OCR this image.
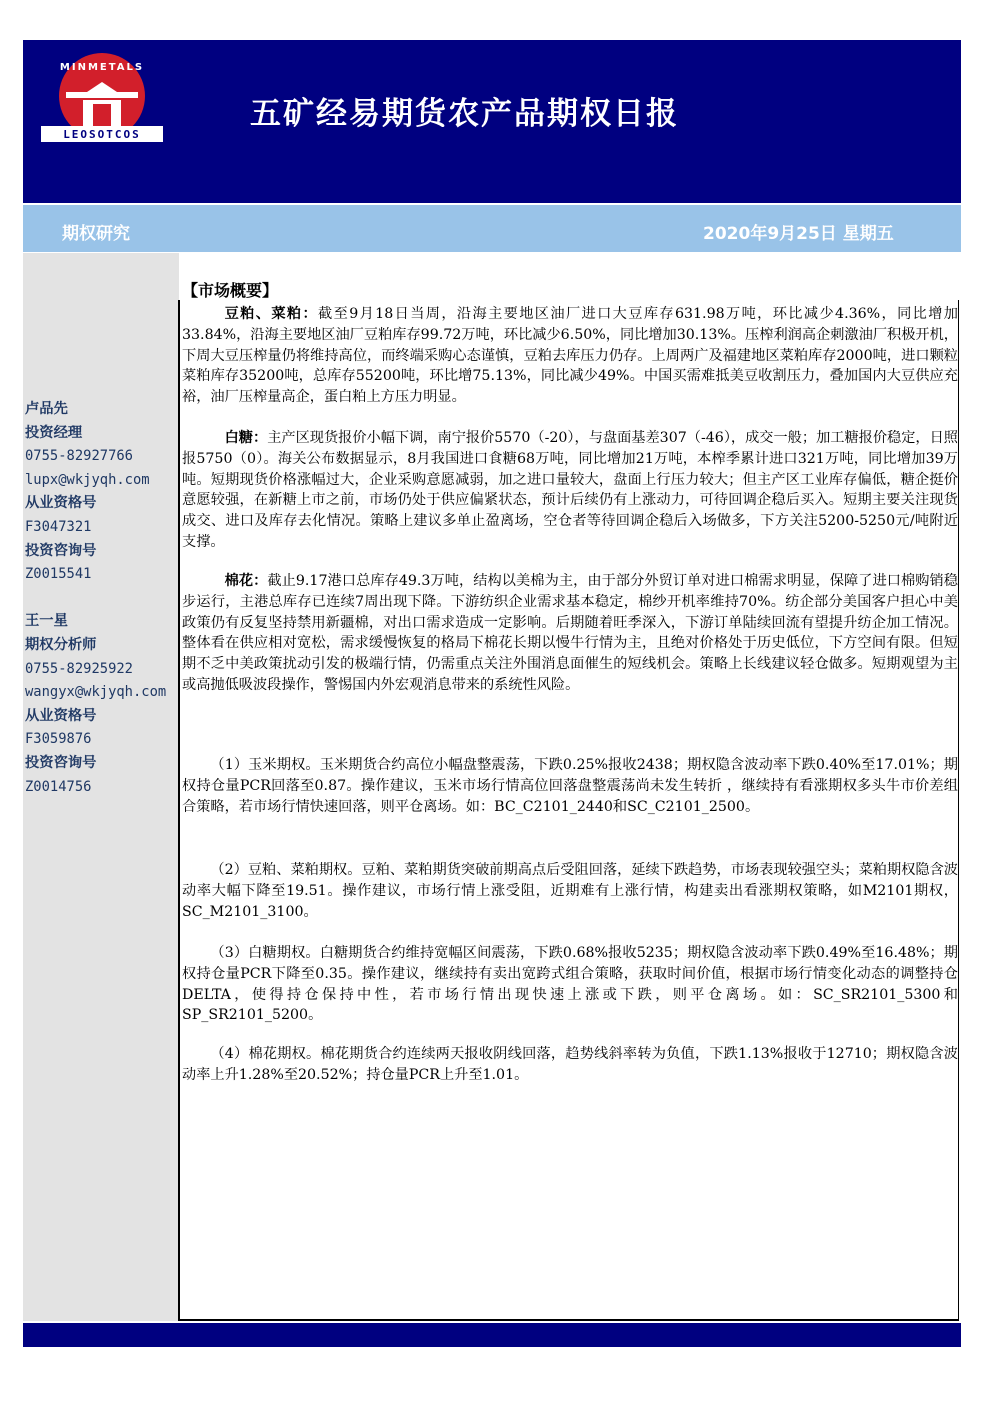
MINMETALS
LEOSOTCOS
五矿经易期货农产品期权日报
期权研究	2020年9月25日 星期五
卢品先
投资经理
0755-82927766
lupx@wkjyqh.com
从业资格号
F3047321
投资咨询号
Z0015541
王一星
期权分析师
0755-82925922
wangyx@wkjyqh.com
从业资格号
F3059876
投资咨询号
Z0014756
【市场概要】
豆粕、菜粕：截至9月18日当周，沿海主要地区油厂进口大豆库存631.98万吨，环比减少4.36%，同比增加33.84%，沿海主要地区油厂豆粕库存99.72万吨，环比减少6.50%，同比增加30.13%。压榨利润高企刺激油厂积极开机，下周大豆压榨量仍将维持高位，而终端采购心态谨慎，豆粕去库压力仍存。上周两广及福建地区菜粕库存2000吨，进口颗粒菜粕库存35200吨，总库存55200吨，环比增75.13%，同比减少49%。中国买需难抵美豆收割压力，叠加国内大豆供应充裕，油厂压榨量高企，蛋白粕上方压力明显。
白糖：主产区现货报价小幅下调，南宁报价5570（-20），与盘面基差307（-46），成交一般；加工糖报价稳定，日照报5750（0）。海关公布数据显示，8月我国进口食糖68万吨，同比增加21万吨，本榨季累计进口321万吨，同比增加39万吨。短期现货价格涨幅过大，企业采购意愿减弱，加之进口量较大，盘面上行压力较大；但主产区工业库存偏低，糖企挺价意愿较强，在新糖上市之前，市场仍处于供应偏紧状态，预计后续仍有上涨动力，可待回调企稳后买入。短期主要关注现货成交、进口及库存去化情况。策略上建议多单止盈离场，空仓者等待回调企稳后入场做多，下方关注5200-5250元/吨附近支撑。
棉花：截止9.17港口总库存49.3万吨，结构以美棉为主，由于部分外贸订单对进口棉需求明显，保障了进口棉购销稳步运行，主港总库存已连续7周出现下降。下游纺织企业需求基本稳定，棉纱开机率维持70%。纺企部分美国客户担心中美政策仍有反复坚持禁用新疆棉，对出口需求造成一定影响。后期随着旺季深入，下游订单陆续回流有望提升纺企加工情况。整体看在供应相对宽松，需求缓慢恢复的格局下棉花长期以慢牛行情为主，且绝对价格处于历史低位，下方空间有限。但短期不乏中美政策扰动引发的极端行情，仍需重点关注外围消息面催生的短线机会。策略上长线建议轻仓做多。短期观望为主或高抛低吸波段操作，警惕国内外宏观消息带来的系统性风险。
（1）玉米期权。玉米期货合约高位小幅盘整震荡，下跌0.25%报收2438；期权隐含波动率下跌0.40%至17.01%；期权持仓量PCR回落至0.87。操作建议，玉米市场行情高位回落盘整震荡尚未发生转折 ，继续持有看涨期权多头牛市价差组合策略，若市场行情快速回落，则平仓离场。如：BC_C2101_2440和SC_C2101_2500。
（2）豆粕、菜粕期权。豆粕、菜粕期货突破前期高点后受阻回落，延续下跌趋势，市场表现较强空头；菜粕期权隐含波动率大幅下降至19.51。操作建议，市场行情上涨受阻，近期难有上涨行情，构建卖出看涨期权策略，如M2101期权，SC_M2101_3100。
（3）白糖期权。白糖期货合约维持宽幅区间震荡，下跌0.68%报收5235；期权隐含波动率下跌0.49%至16.48%；期权持仓量PCR下降至0.35。操作建议，继续持有卖出宽跨式组合策略，获取时间价值，根据市场行情变化动态的调整持仓DELTA，使得持仓保持中性，若市场行情出现快速上涨或下跌，则平仓离场。如：SC_SR2101_5300和SP_SR2101_5200。
（4）棉花期权。棉花期货合约连续两天报收阴线回落，趋势线斜率转为负值，下跌1.13%报收于12710；期权隐含波动率上升1.28%至20.52%；持仓量PCR上升至1.01。
